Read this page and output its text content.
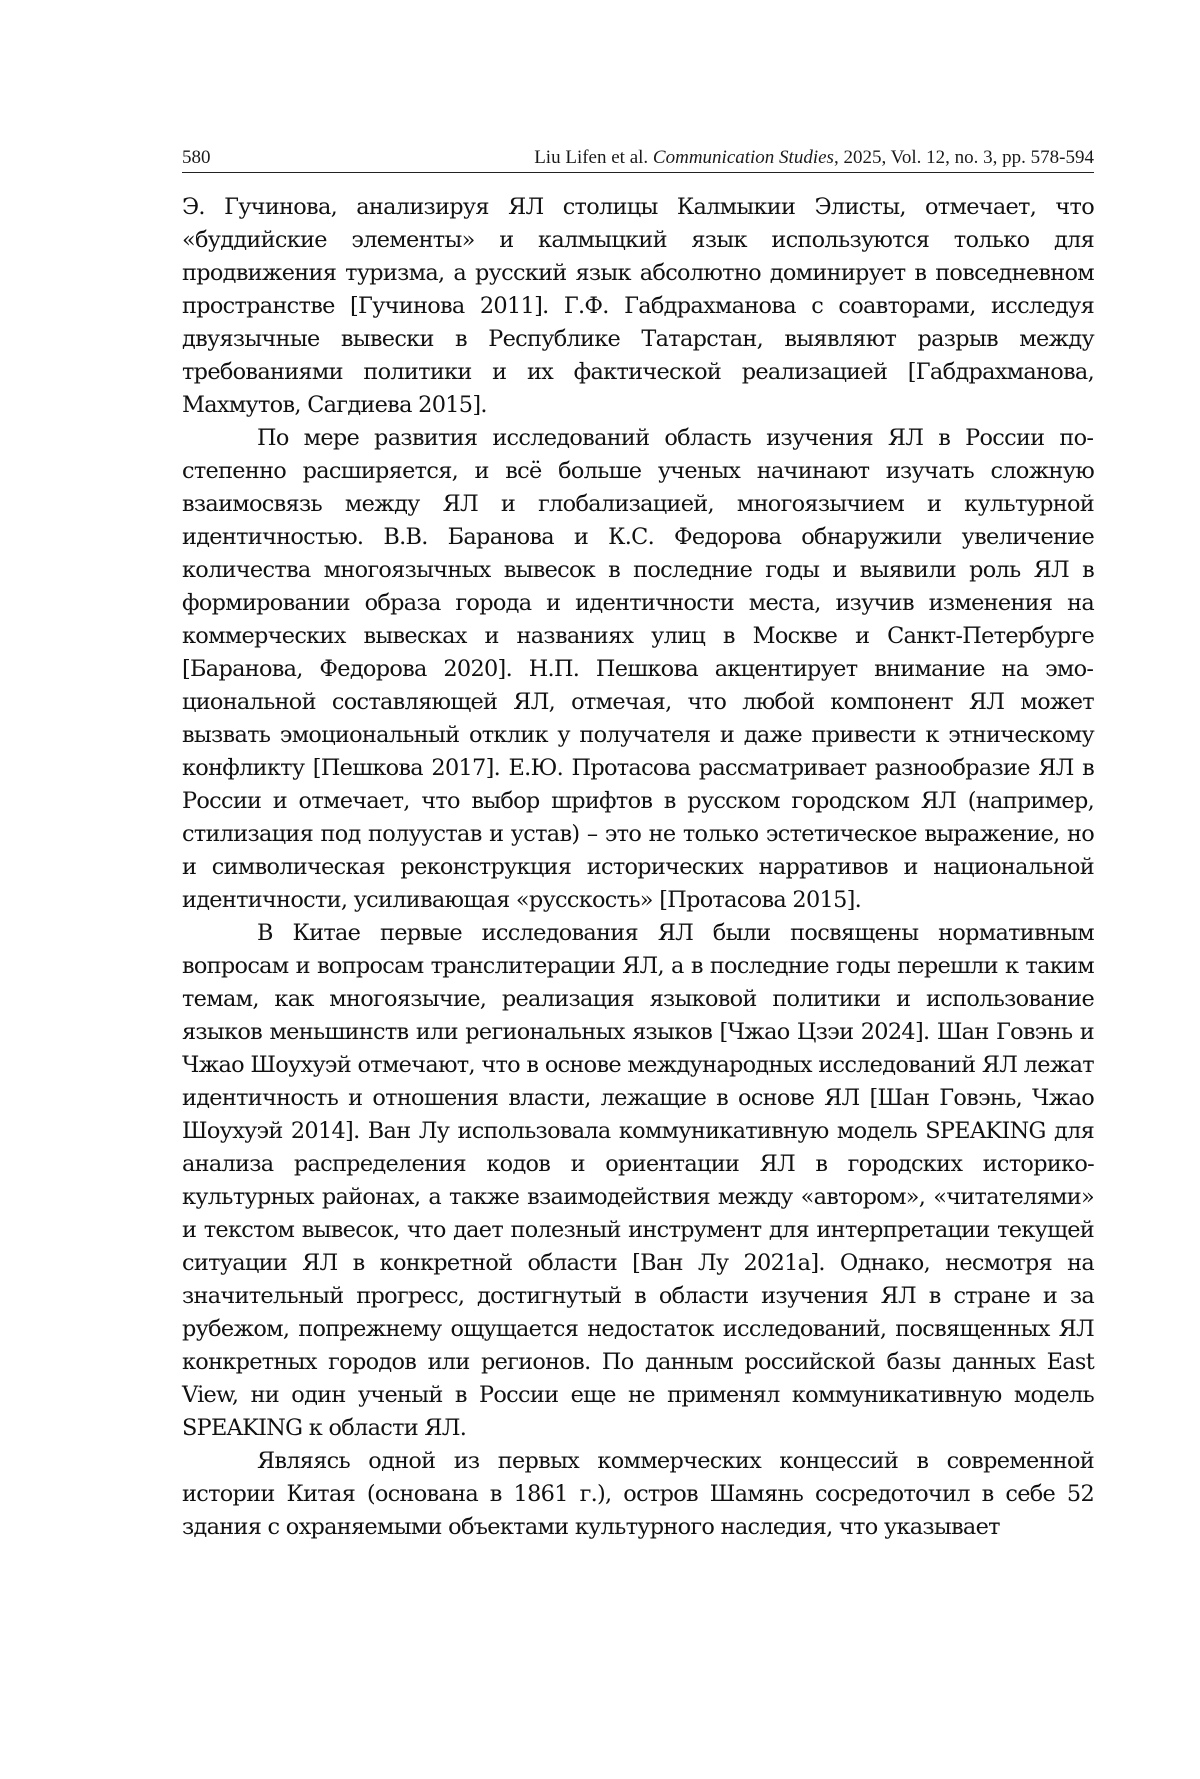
580	Liu Lifen et al. Communication Studies, 2025, Vol. 12, no. 3, pp. 578-594

Э. Гучинова, анализируя ЯЛ столицы Калмыкии Элисты, отмечает, что «буддийские элементы» и калмыцкий язык используются только для продвижения туризма, а русский язык абсолютно доминирует в повседневном пространстве [Гучинова 2011]. Г.Ф. Габдрахманова с соавторами, исследуя двуязычные вывески в Республике Татарстан, выявляют разрыв между требованиями политики и их фактической реализацией [Габдрахманова, Махмутов, Сагдиева 2015].

По мере развития исследований область изучения ЯЛ в России постепенно расширяется, и всё больше ученых начинают изучать сложную взаимосвязь между ЯЛ и глобализацией, многоязычием и культурной идентичностью. В.В. Баранова и К.С. Федорова обнаружили увеличение количества многоязычных вывесок в последние годы и выявили роль ЯЛ в формировании образа города и идентичности места, изучив изменения на коммерческих вывесках и названиях улиц в Москве и Санкт-Петербурге [Баранова, Федорова 2020]. Н.П. Пешкова акцентирует внимание на эмоциональной составляющей ЯЛ, отмечая, что любой компонент ЯЛ может вызвать эмоциональный отклик у получателя и даже привести к этническому конфликту [Пешкова 2017]. Е.Ю. Протасова рассматривает разнообразие ЯЛ в России и отмечает, что выбор шрифтов в русском городском ЯЛ (например, стилизация под полуустав и устав) – это не только эстетическое выражение, но и символическая реконструкция исторических нарративов и национальной идентичности, усиливающая «русскость» [Протасова 2015].

В Китае первые исследования ЯЛ были посвящены нормативным вопросам и вопросам транслитерации ЯЛ, а в последние годы перешли к таким темам, как многоязычие, реализация языковой политики и использование языков меньшинств или региональных языков [Чжао Цзэи 2024]. Шан Говэнь и Чжао Шоухуэй отмечают, что в основе международных исследований ЯЛ лежат идентичность и отношения власти, лежащие в основе ЯЛ [Шан Говэнь, Чжао Шоухуэй 2014]. Ван Лу использовала коммуникативную модель SPEAKING для анализа распределения кодов и ориентации ЯЛ в городских историко-культурных районах, а также взаимодействия между «автором», «читателями» и текстом вывесок, что дает полезный инструмент для интерпретации текущей ситуации ЯЛ в конкретной области [Ван Лу 2021a]. Однако, несмотря на значительный прогресс, достигнутый в области изучения ЯЛ в стране и за рубежом, попрежнему ощущается недостаток исследований, посвященных ЯЛ конкретных городов или регионов. По данным российской базы данных East View, ни один ученый в России еще не применял коммуникативную модель SPEAKING к области ЯЛ.

Являясь одной из первых коммерческих концессий в современной истории Китая (основана в 1861 г.), остров Шамянь сосредоточил в себе 52 здания с охраняемыми объектами культурного наследия, что указывает
